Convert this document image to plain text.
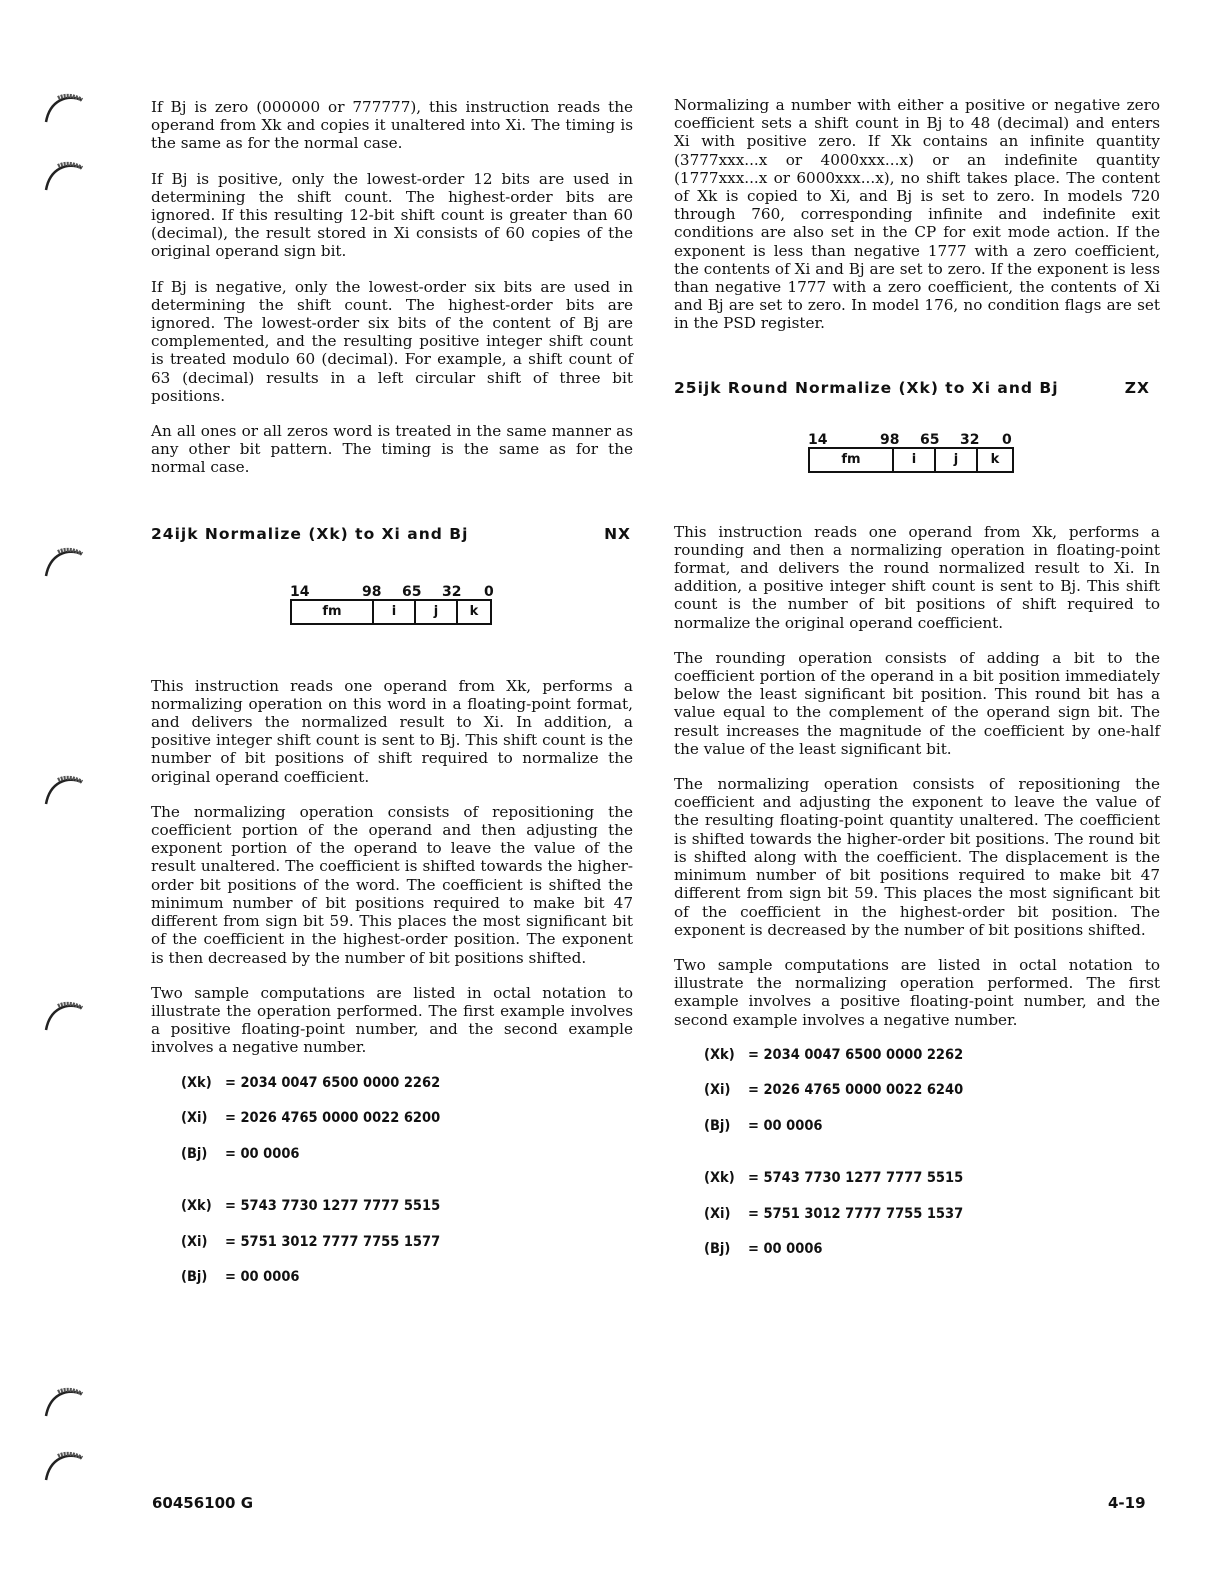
If Bj is zero (000000 or 777777), this instruction reads the operand from Xk and copies it unaltered into Xi. The timing is the same as for the normal case.

If Bj is positive, only the lowest-order 12 bits are used in determining the shift count. The highest-order bits are ignored. If this resulting 12-bit shift count is greater than 60 (decimal), the result stored in Xi consists of 60 copies of the original operand sign bit.

If Bj is negative, only the lowest-order six bits are used in determining the shift count. The highest-order bits are ignored. The lowest-order six bits of the content of Bj are complemented, and the resulting positive integer shift count is treated modulo 60 (decimal). For example, a shift count of 63 (decimal) results in a left circular shift of three bit positions.

An all ones or all zeros word is treated in the same manner as any other bit pattern. The timing is the same as for the normal case.

24ijk Normalize (Xk) to Xi and Bj	NX
14	98 65 32 0
fm	i	j	k

This instruction reads one operand from Xk, performs a normalizing operation on this word in a floating-point format, and delivers the normalized result to Xi. In addition, a positive integer shift count is sent to Bj. This shift count is the number of bit positions of shift required to normalize the original operand coefficient.

The normalizing operation consists of repositioning the coefficient portion of the operand and then adjusting the exponent portion of the operand to leave the value of the result unaltered. The coefficient is shifted towards the higher-order bit positions of the word. The coefficient is shifted the minimum number of bit positions required to make bit 47 different from sign bit 59. This places the most significant bit of the coefficient in the highest-order position. The exponent is then decreased by the number of bit positions shifted.

Two sample computations are listed in octal notation to illustrate the operation performed. The first example involves a positive floating-point number, and the second example involves a negative number.

(Xk) = 2034 0047 6500 0000 2262
(Xi)	= 2026 4765 0000 0022 6200
(Bj)	= 00 0006
(Xk) = 5743 7730 1277 7777 5515
(Xi)	= 5751 3012 7777 7755 1577
(Bj)	= 00 0006

Normalizing a number with either a positive or negative zero coefficient sets a shift count in Bj to 48 (decimal) and enters Xi with positive zero. If Xk contains an infinite quantity (3777xxx...x or 4000xxx...x) or an indefinite quantity (1777xxx...x or 6000xxx...x), no shift takes place. The content of Xk is copied to Xi, and Bj is set to zero. In models 720 through 760, corresponding infinite and indefinite exit conditions are also set in the CP for exit mode action. If the exponent is less than negative 1777 with a zero coefficient, the contents of Xi and Bj are set to zero. If the exponent is less than negative 1777 with a zero coefficient, the contents of Xi and Bj are set to zero. In model 176, no condition flags are set in the PSD register.

25ijk Round Normalize (Xk) to Xi and Bj	ZX
14	98 65 32 0
fm	i	j	k

This instruction reads one operand from Xk, performs a rounding and then a normalizing operation in floating-point format, and delivers the round normalized result to Xi. In addition, a positive integer shift count is sent to Bj. This shift count is the number of bit positions of shift required to normalize the original operand coefficient.

The rounding operation consists of adding a bit to the coefficient portion of the operand in a bit position immediately below the least significant bit position. This round bit has a value equal to the complement of the operand sign bit. The result increases the magnitude of the coefficient by one-half the value of the least significant bit.

The normalizing operation consists of repositioning the coefficient and adjusting the exponent to leave the value of the resulting floating-point quantity unaltered. The coefficient is shifted towards the higher-order bit positions. The round bit is shifted along with the coefficient. The displacement is the minimum number of bit positions required to make bit 47 different from sign bit 59. This places the most significant bit of the coefficient in the highest-order bit position. The exponent is decreased by the number of bit positions shifted.

Two sample computations are listed in octal notation to illustrate the normalizing operation performed. The first example involves a positive floating-point number, and the second example involves a negative number.

(Xk) = 2034 0047 6500 0000 2262
(Xi)	= 2026 4765 0000 0022 6240
(Bj)	= 00 0006
(Xk) = 5743 7730 1277 7777 5515
(Xi)	= 5751 3012 7777 7755 1537
(Bj)	= 00 0006
60456100 G	4-19
